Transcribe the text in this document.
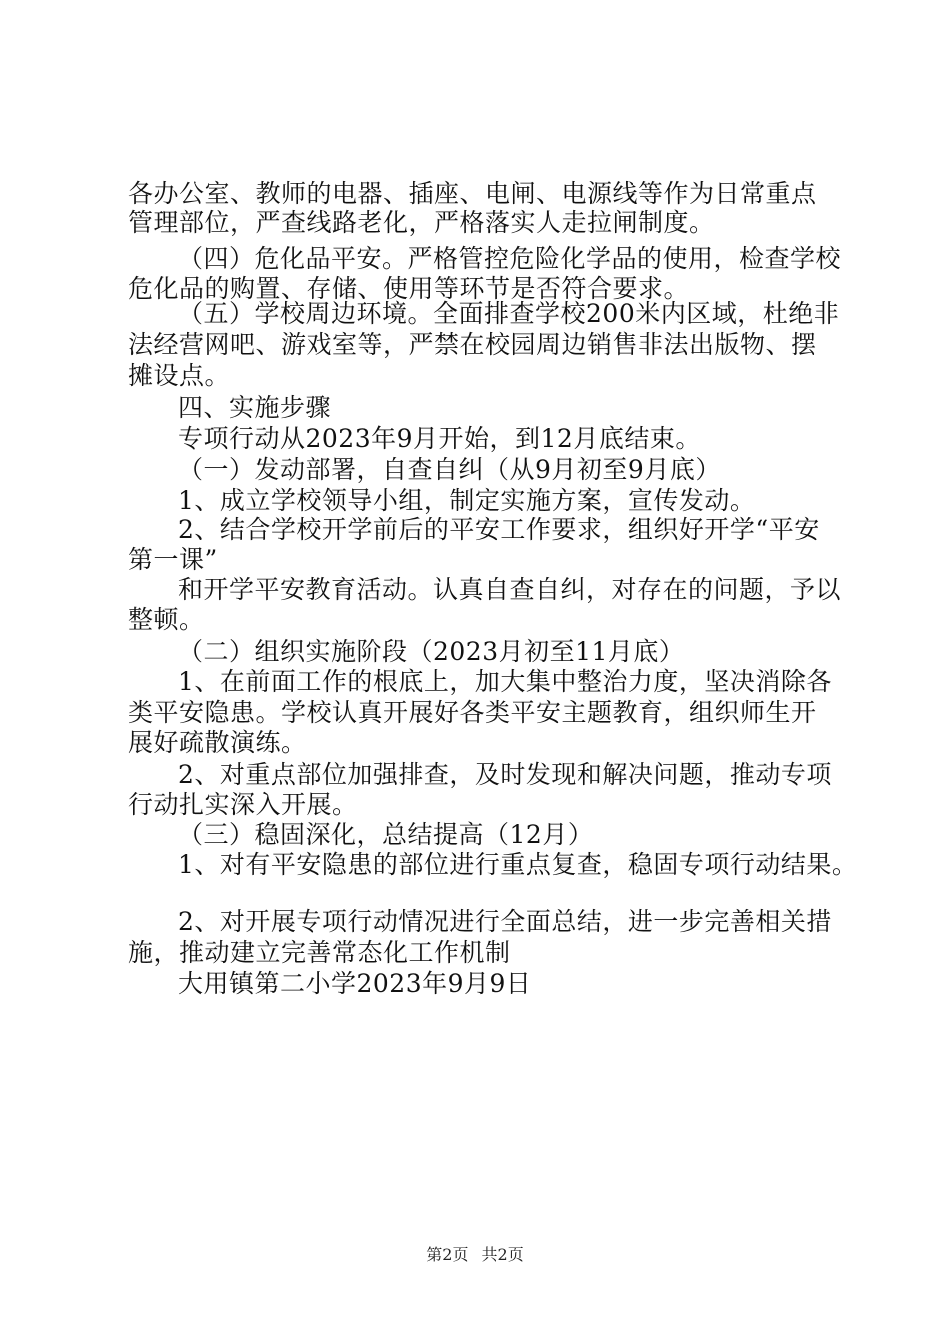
各办公室、教师的电器、插座、电闸、电源线等作为日常重点
管理部位，严查线路老化，严格落实人走拉闸制度。
（四）危化品平安。严格管控危险化学品的使用，检查学校
危化品的购置、存储、使用等环节是否符合要求。
（五）学校周边环境。全面排查学校200米内区域，杜绝非
法经营网吧、游戏室等，严禁在校园周边销售非法出版物、摆
摊设点。
四、实施步骤
专项行动从2023年9月开始，到12月底结束。
（一）发动部署，自查自纠（从9月初至9月底）
1、成立学校领导小组，制定实施方案，宣传发动。
2、结合学校开学前后的平安工作要求，组织好开学“平安
第一课”
和开学平安教育活动。认真自查自纠，对存在的问题，予以
整顿。
（二）组织实施阶段（2023月初至11月底）
1、在前面工作的根底上，加大集中整治力度，坚决消除各
类平安隐患。学校认真开展好各类平安主题教育，组织师生开
展好疏散演练。
2、对重点部位加强排查，及时发现和解决问题，推动专项
行动扎实深入开展。
（三）稳固深化，总结提高（12月）
1、对有平安隐患的部位进行重点复查，稳固专项行动结果。
2、对开展专项行动情况进行全面总结，进一步完善相关措
施，推动建立完善常态化工作机制
大用镇第二小学2023年9月9日
第2页 共2页
